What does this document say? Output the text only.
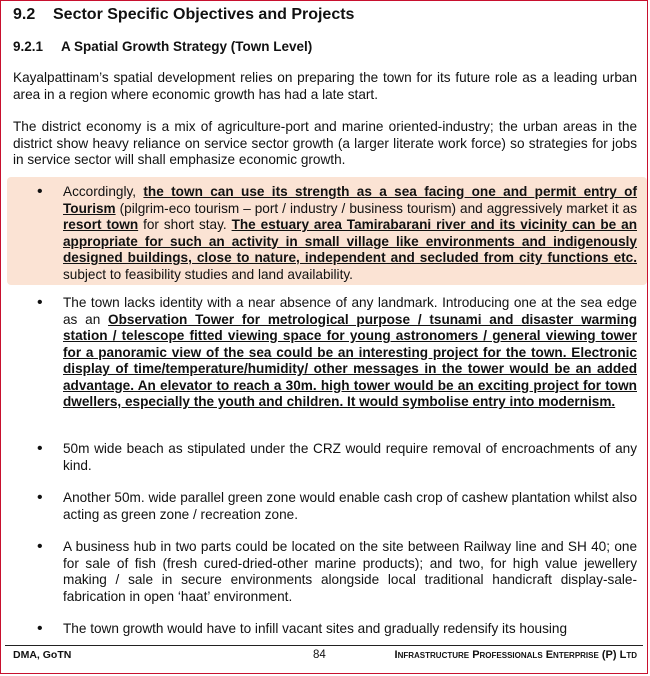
9.2 Sector Specific Objectives and Projects
9.2.1 A Spatial Growth Strategy (Town Level)

Kayalpattinam’s spatial development relies on preparing the town for its future role as a leading urban area in a region where economic growth has had a late start.

The district economy is a mix of agriculture-port and marine oriented-industry; the urban areas in the district show heavy reliance on service sector growth (a larger literate work force) so strategies for jobs in service sector will shall emphasize economic growth.

• Accordingly, the town can use its strength as a sea facing one and permit entry of Tourism (pilgrim-eco tourism – port / industry / business tourism) and aggressively market it as resort town for short stay. The estuary area Tamirabarani river and its vicinity can be an appropriate for such an activity in small village like environments and indigenously designed buildings, close to nature, independent and secluded from city functions etc. subject to feasibility studies and land availability.

• The town lacks identity with a near absence of any landmark. Introducing one at the sea edge as an Observation Tower for metrological purpose / tsunami and disaster warming station / telescope fitted viewing space for young astronomers / general viewing tower for a panoramic view of the sea could be an interesting project for the town. Electronic display of time/temperature/humidity/ other messages in the tower would be an added advantage. An elevator to reach a 30m. high tower would be an exciting project for town dwellers, especially the youth and children. It would symbolise entry into modernism.

• 50m wide beach as stipulated under the CRZ would require removal of encroachments of any kind.

• Another 50m. wide parallel green zone would enable cash crop of cashew plantation whilst also acting as green zone / recreation zone.

• A business hub in two parts could be located on the site between Railway line and SH 40; one for sale of fish (fresh cured-dried-other marine products); and two, for high value jewellery making / sale in secure environments alongside local traditional handicraft display-sale-fabrication in open ‘haat’ environment.

• The town growth would have to infill vacant sites and gradually redensify its housing

DMA, GoTN	84	Infrastructure Professionals Enterprise (P) Ltd
